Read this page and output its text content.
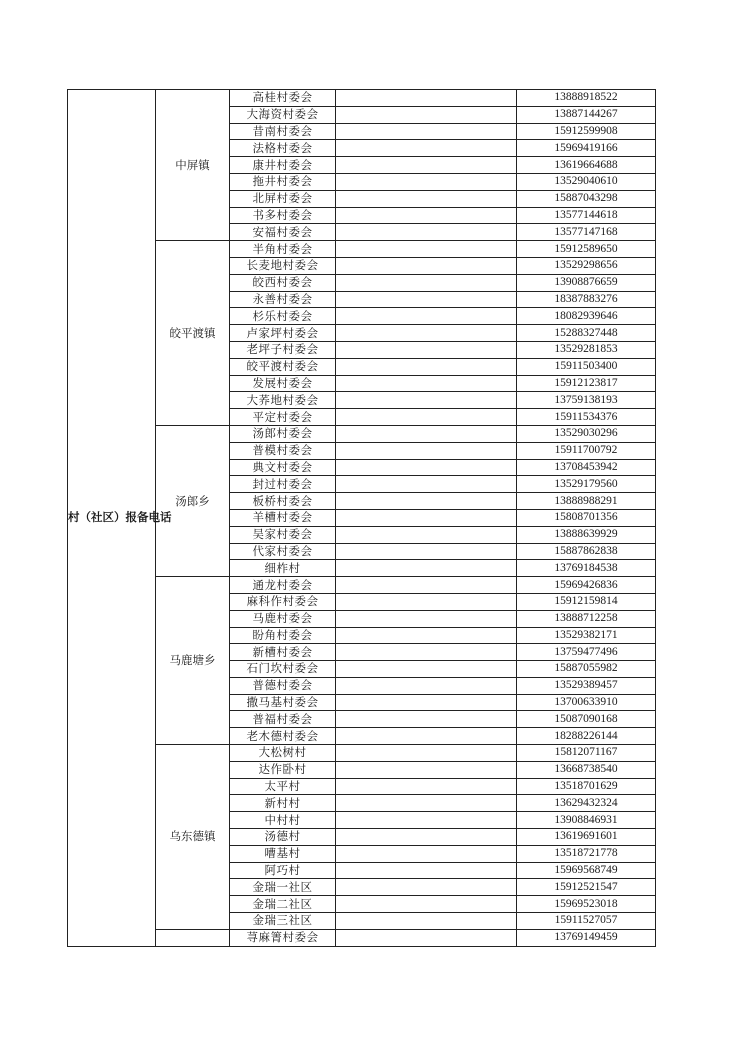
村（社区）报备电话	中屏镇	高桂村委会		13888918522
		大海资村委会		13887144267
		昔南村委会		15912599908
		法格村委会		15969419166
		康井村委会		13619664688
		拖井村委会		13529040610
		北屏村委会		15887043298
		书多村委会		13577144618
		安福村委会		13577147168
	皎平渡镇	半角村委会		15912589650
		长麦地村委会		13529298656
		皎西村委会		13908876659
		永善村委会		18387883276
		杉乐村委会		18082939646
		卢家坪村委会		15288327448
		老坪子村委会		13529281853
		皎平渡村委会		15911503400
		发展村委会		15912123817
		大荞地村委会		13759138193
		平定村委会		15911534376
	汤郎乡	汤郎村委会		13529030296
		普模村委会		15911700792
		典文村委会		13708453942
		封过村委会		13529179560
		板桥村委会		13888988291
		羊槽村委会		15808701356
		吴家村委会		13888639929
		代家村委会		15887862838
		细柞村		13769184538
	马鹿塘乡	通龙村委会		15969426836
		麻科作村委会		15912159814
		马鹿村委会		13888712258
		盼角村委会		13529382171
		新槽村委会		13759477496
		石门坎村委会		15887055982
		普德村委会		13529389457
		撒马基村委会		13700633910
		普福村委会		15087090168
		老木德村委会		18288226144
	乌东德镇	大松树村		15812071167
		达作卧村		13668738540
		太平村		13518701629
		新村村		13629432324
		中村村		13908846931
		汤德村		13619691601
		嘈基村		13518721778
		阿巧村		15969568749
		金瑞一社区		15912521547
		金瑞二社区		15969523018
		金瑞三社区		15911527057
		荨麻箐村委会		13769149459
